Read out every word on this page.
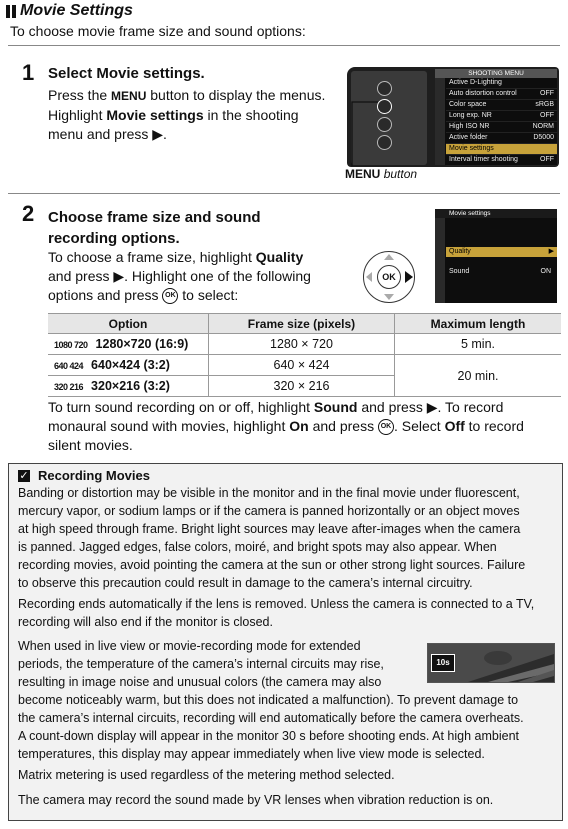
Movie Settings
To choose movie frame size and sound options:
1 Select Movie settings.
Press the MENU button to display the menus.
Highlight Movie settings in the shooting
menu and press ▶.
SHOOTING MENU
Active D-Lighting
Auto distortion control	OFF
Color space	sRGB
Long exp. NR	OFF
High ISO NR	NORM
Active folder	D5000
Movie settings
Interval timer shooting	OFF
MENU button
2 Choose frame size and sound
recording options.
To choose a frame size, highlight Quality
and press ▶. Highlight one of the following
options and press OK to select:
OK
Movie settings
Quality	▶
Sound	ON
Option	Frame size (pixels)	Maximum length
1080 720 1280×720 (16:9)	1280 × 720	5 min.
640 424 640×424 (3:2)	640 × 424	20 min.
320 216 320×216 (3:2)	320 × 216	
To turn sound recording on or off, highlight Sound and press ▶. To record
monaural sound with movies, highlight On and press OK . Select Off to record
silent movies.
✓ Recording Movies
Banding or distortion may be visible in the monitor and in the final movie under fluorescent,
mercury vapor, or sodium lamps or if the camera is panned horizontally or an object moves
at high speed through frame. Bright light sources may leave after-images when the camera
is panned. Jagged edges, false colors, moiré, and bright spots may also appear. When
recording movies, avoid pointing the camera at the sun or other strong light sources. Failure
to observe this precaution could result in damage to the camera’s internal circuitry.
Recording ends automatically if the lens is removed. Unless the camera is connected to a TV,
recording will also end if the monitor is closed.
When used in live view or movie-recording mode for extended
periods, the temperature of the camera’s internal circuits may rise,
resulting in image noise and unusual colors (the camera may also
become noticeably warm, but this does not indicated a malfunction). To prevent damage to
the camera’s internal circuits, recording will end automatically before the camera overheats.
A count-down display will appear in the monitor 30 s before shooting ends. At high ambient
temperatures, this display may appear immediately when live view mode is selected.
10s
Matrix metering is used regardless of the metering method selected.
The camera may record the sound made by VR lenses when vibration reduction is on.
